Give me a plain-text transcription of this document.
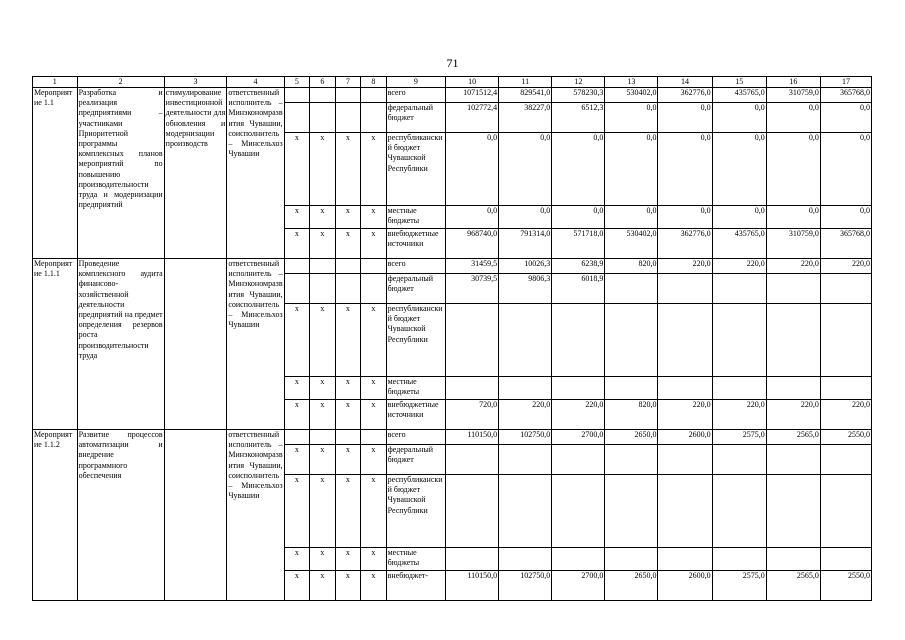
71
1	2	3	4	5	6	7	8	9	10	11	12	13	14	15	16	17
Мероприятие 1.1	Разработка и реализация предприятиями – участниками Приоритетной программы комплексных планов мероприятий по повышению производительности труда и модернизации предприятий	стимулирование инвестиционной деятельности для обновления и модернизации производств	ответственный исполнитель – Минэкономразвития Чувашии, соисполнитель – Минсельхоз Чувашии					всего	1071512,4	829541,0	578230,3	530402,0	362776,0	435765,0	310759,0	365768,0
								федеральный бюджет	102772,4	38227,0	6512,3	0,0	0,0	0,0	0,0	0,0
				x	x	x	x	республиканский бюджет Чувашской Республики	0,0	0,0	0,0	0,0	0,0	0,0	0,0	0,0
				x	x	x	x	местные бюджеты	0,0	0,0	0,0	0,0	0,0	0,0	0,0	0,0
				x	x	x	x	внебюджетные источники	968740,0	791314,0	571718,0	530402,0	362776,0	435765,0	310759,0	365768,0
Мероприятие 1.1.1	Проведение комплексного аудита финансово-хозяйственной деятельности предприятий на предмет определения резервов роста производительности труда		ответственный исполнитель – Минэкономразвития Чувашии, соисполнитель – Минсельхоз Чувашии					всего	31459,5	10026,3	6238,9	820,0	220,0	220,0	220,0	220,0
								федеральный бюджет	30739,5	9806,3	6018,9					
				x	x	x	x	республиканский бюджет Чувашской Республики								
				x	x	x	x	местные бюджеты								
				x	x	x	x	внебюджетные источники	720,0	220,0	220,0	820,0	220,0	220,0	220,0	220,0
Мероприятие 1.1.2	Развитие процессов автоматизации и внедрение программного обеспечения		ответственный исполнитель – Минэкономразвития Чувашии, соисполнитель – Минсельхоз Чувашии					всего	110150,0	102750,0	2700,0	2650,0	2600,0	2575,0	2565,0	2550,0
				x	x	x	x	федеральный бюджет								
				x	x	x	x	республиканский бюджет Чувашской Республики								
				x	x	x	x	местные бюджеты								
				x	x	x	x	внебюджет-	110150,0	102750,0	2700,0	2650,0	2600,0	2575,0	2565,0	2550,0
